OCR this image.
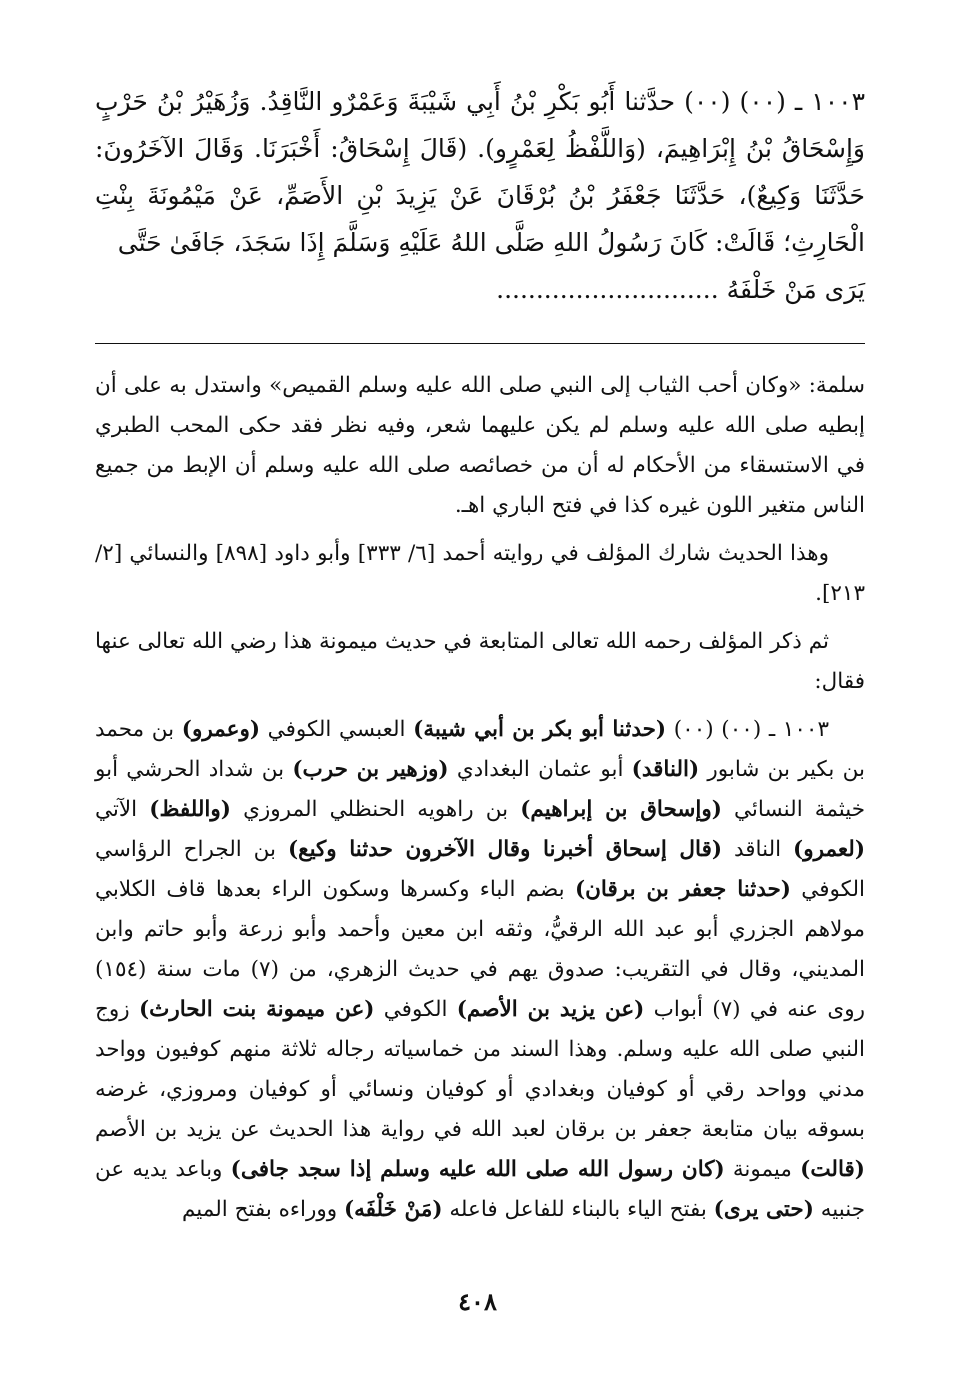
١٠٠٣ ـ (٠٠) (٠٠) حدَّثنا أَبُو بَكْرِ بْنُ أَبِي شَيْبَةَ وَعَمْرٌو النَّاقِدُ. وَزُهَيْرُ بْنُ حَرْبٍ وَإِسْحَاقُ بْنُ إِبْرَاهِيمَ، (وَاللَّفْظُ لِعَمْرٍو). (قَالَ إِسْحَاقُ: أَخْبَرَنَا. وَقَالَ الآخَرُونَ: حَدَّثَنَا وَكِيعٌ)، حَدَّثَنَا جَعْفَرُ بْنُ بُرْقَانَ عَنْ يَزِيدَ بْنِ الأَصَمِّ، عَنْ مَيْمُونَةَ بِنْتِ الْحَارِثِ؛ قَالَتْ: كَانَ رَسُولُ اللهِ صَلَّى اللهُ عَلَيْهِ وَسَلَّمَ إِذَا سَجَدَ، جَافَىٰ حَتَّى
يَرَى مَنْ خَلْفَهُ ............................

سلمة: «وكان أحب الثياب إلى النبي صلى الله عليه وسلم القميص» واستدل به على أن إبطيه صلى الله عليه وسلم لم يكن عليهما شعر، وفيه نظر فقد حكى المحب الطبري في الاستسقاء من الأحكام له أن من خصائصه صلى الله عليه وسلم أن الإبط من جميع الناس متغير اللون غيره كذا في فتح الباري اهـ.

وهذا الحديث شارك المؤلف في روايته أحمد [٦/ ٣٣٣] وأبو داود [٨٩٨] والنسائي [٢/ ٢١٣].

ثم ذكر المؤلف رحمه الله تعالى المتابعة في حديث ميمونة هذا رضي الله تعالى عنها فقال:

١٠٠٣ ـ (٠٠) (٠٠) (حدثنا أبو بكر بن أبي شيبة) العبسي الكوفي (وعمرو) بن محمد بن بكير بن شابور (الناقد) أبو عثمان البغدادي (وزهير بن حرب) بن شداد الحرشي أبو خيثمة النسائي (وإسحاق بن إبراهيم) بن راهويه الحنظلي المروزي (واللفظ) الآتي (لعمرو) الناقد (قال إسحاق أخبرنا وقال الآخرون حدثنا وكيع) بن الجراح الرؤاسي الكوفي (حدثنا جعفر بن برقان) بضم الباء وكسرها وسكون الراء بعدها قاف الكلابي مولاهم الجزري أبو عبد الله الرقيُّ، وثقه ابن معين وأحمد وأبو زرعة وأبو حاتم وابن المديني، وقال في التقريب: صدوق يهم في حديث الزهري، من (٧) مات سنة (١٥٤) روى عنه في (٧) أبواب (عن يزيد بن الأصم) الكوفي (عن ميمونة بنت الحارث) زوج النبي صلى الله عليه وسلم. وهذا السند من خماسياته رجاله ثلاثة منهم كوفيون وواحد مدني وواحد رقي أو كوفيان وبغدادي أو كوفيان ونسائي أو كوفيان ومروزي، غرضه بسوقه بيان متابعة جعفر بن برقان لعبد الله في رواية هذا الحديث عن يزيد بن الأصم (قالت) ميمونة (كان رسول الله صلى الله عليه وسلم إذا سجد جافى) وباعد يديه عن جنبيه (حتى يرى) بفتح الياء بالبناء للفاعل فاعله (مَنْ خَلْفَه) ووراءه بفتح الميم

٤٠٨
